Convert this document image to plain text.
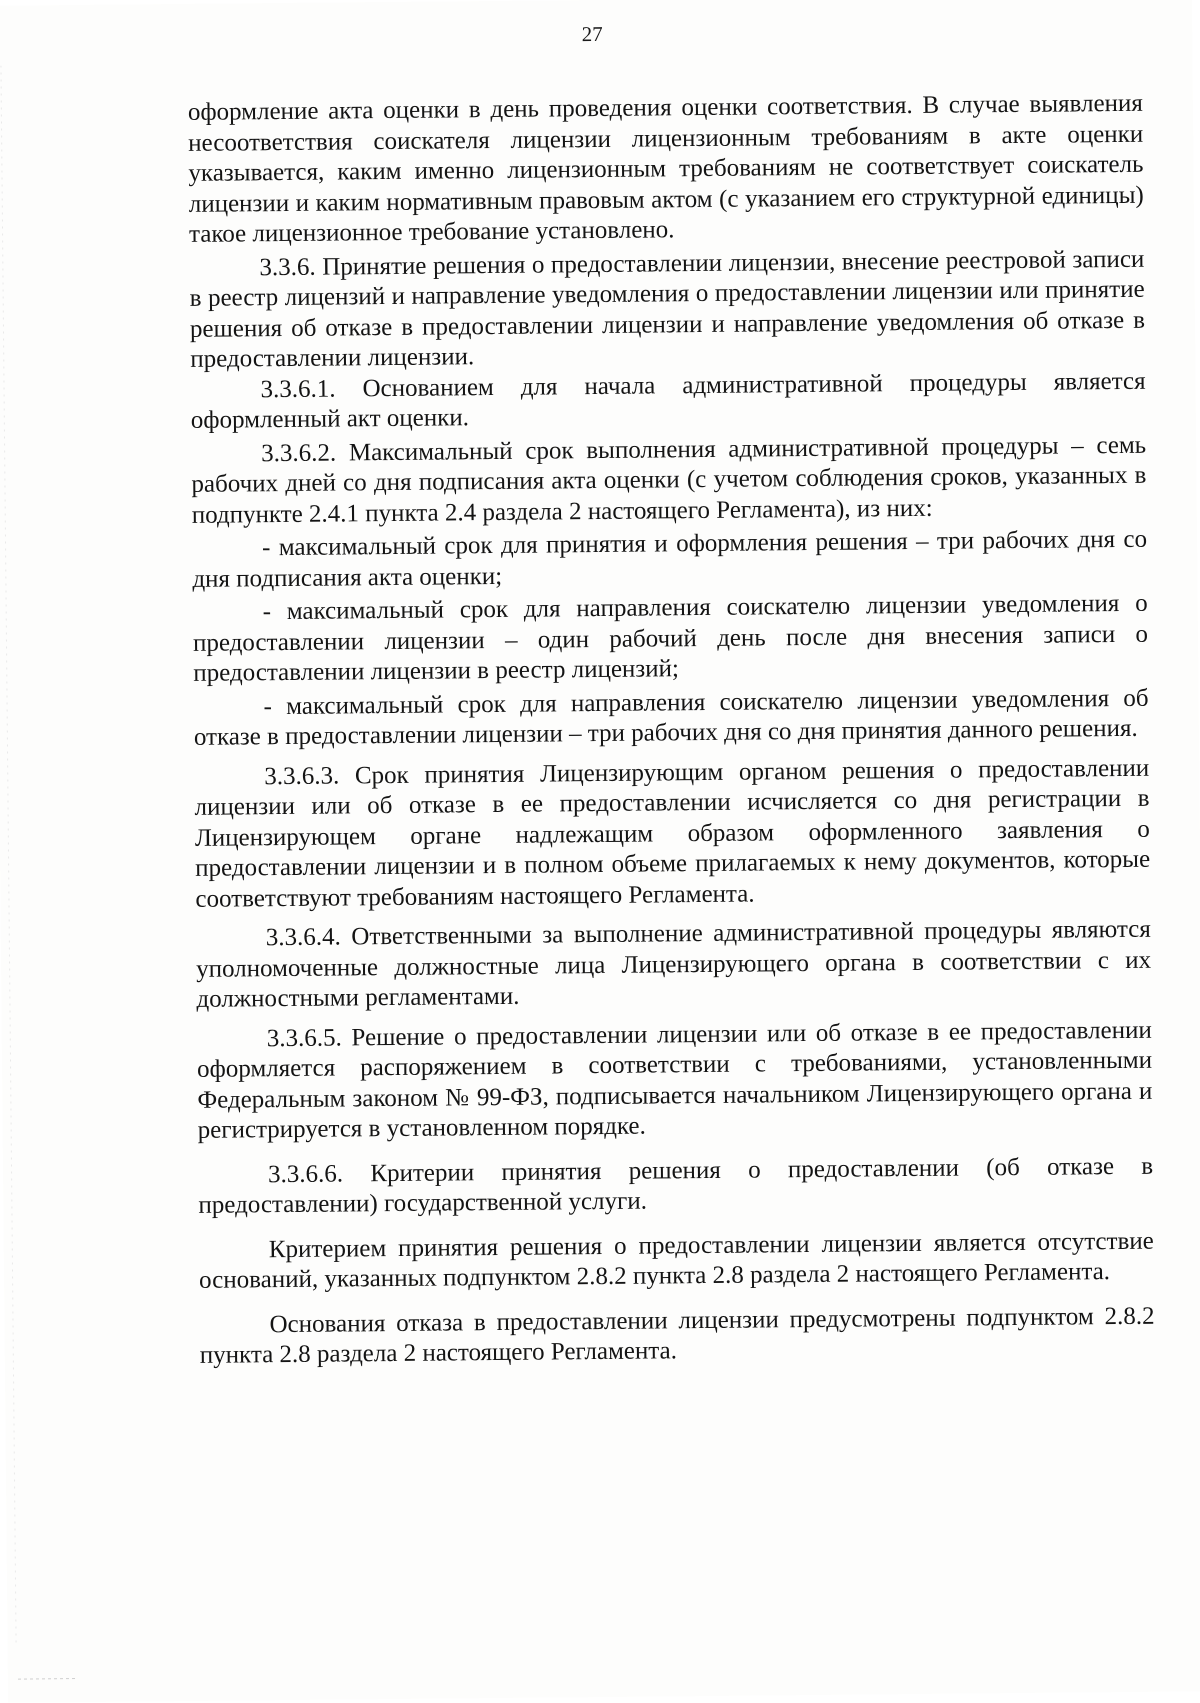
27

оформление акта оценки в день проведения оценки соответствия. В случае выявления несоответствия соискателя лицензии лицензионным требованиям в акте оценки указывается, каким именно лицензионным требованиям не соответствует соискатель лицензии и каким нормативным правовым актом (с указанием его структурной единицы) такое лицензионное требование установлено.

3.3.6. Принятие решения о предоставлении лицензии, внесение реестровой записи в реестр лицензий и направление уведомления о предоставлении лицензии или принятие решения об отказе в предоставлении лицензии и направление уведомления об отказе в предоставлении лицензии.

3.3.6.1. Основанием для начала административной процедуры является оформленный акт оценки.

3.3.6.2. Максимальный срок выполнения административной процедуры – семь рабочих дней со дня подписания акта оценки (с учетом соблюдения сроков, указанных в подпункте 2.4.1 пункта 2.4 раздела 2 настоящего Регламента), из них:

- максимальный срок для принятия и оформления решения – три рабочих дня со дня подписания акта оценки;

- максимальный срок для направления соискателю лицензии уведомления о предоставлении лицензии – один рабочий день после дня внесения записи о предоставлении лицензии в реестр лицензий;

- максимальный срок для направления соискателю лицензии уведомления об отказе в предоставлении лицензии – три рабочих дня со дня принятия данного решения.

3.3.6.3. Срок принятия Лицензирующим органом решения о предоставлении лицензии или об отказе в ее предоставлении исчисляется со дня регистрации в Лицензирующем органе надлежащим образом оформленного заявления о предоставлении лицензии и в полном объеме прилагаемых к нему документов, которые соответствуют требованиям настоящего Регламента.

3.3.6.4. Ответственными за выполнение административной процедуры являются уполномоченные должностные лица Лицензирующего органа в соответствии с их должностными регламентами.

3.3.6.5. Решение о предоставлении лицензии или об отказе в ее предоставлении оформляется распоряжением в соответствии с требованиями, установленными Федеральным законом № 99-ФЗ, подписывается начальником Лицензирующего органа и регистрируется в установленном порядке.

3.3.6.6. Критерии принятия решения о предоставлении (об отказе в предоставлении) государственной услуги.

Критерием принятия решения о предоставлении лицензии является отсутствие оснований, указанных подпунктом 2.8.2 пункта 2.8 раздела 2 настоящего Регламента.

Основания отказа в предоставлении лицензии предусмотрены подпунктом 2.8.2 пункта 2.8 раздела 2 настоящего Регламента.
